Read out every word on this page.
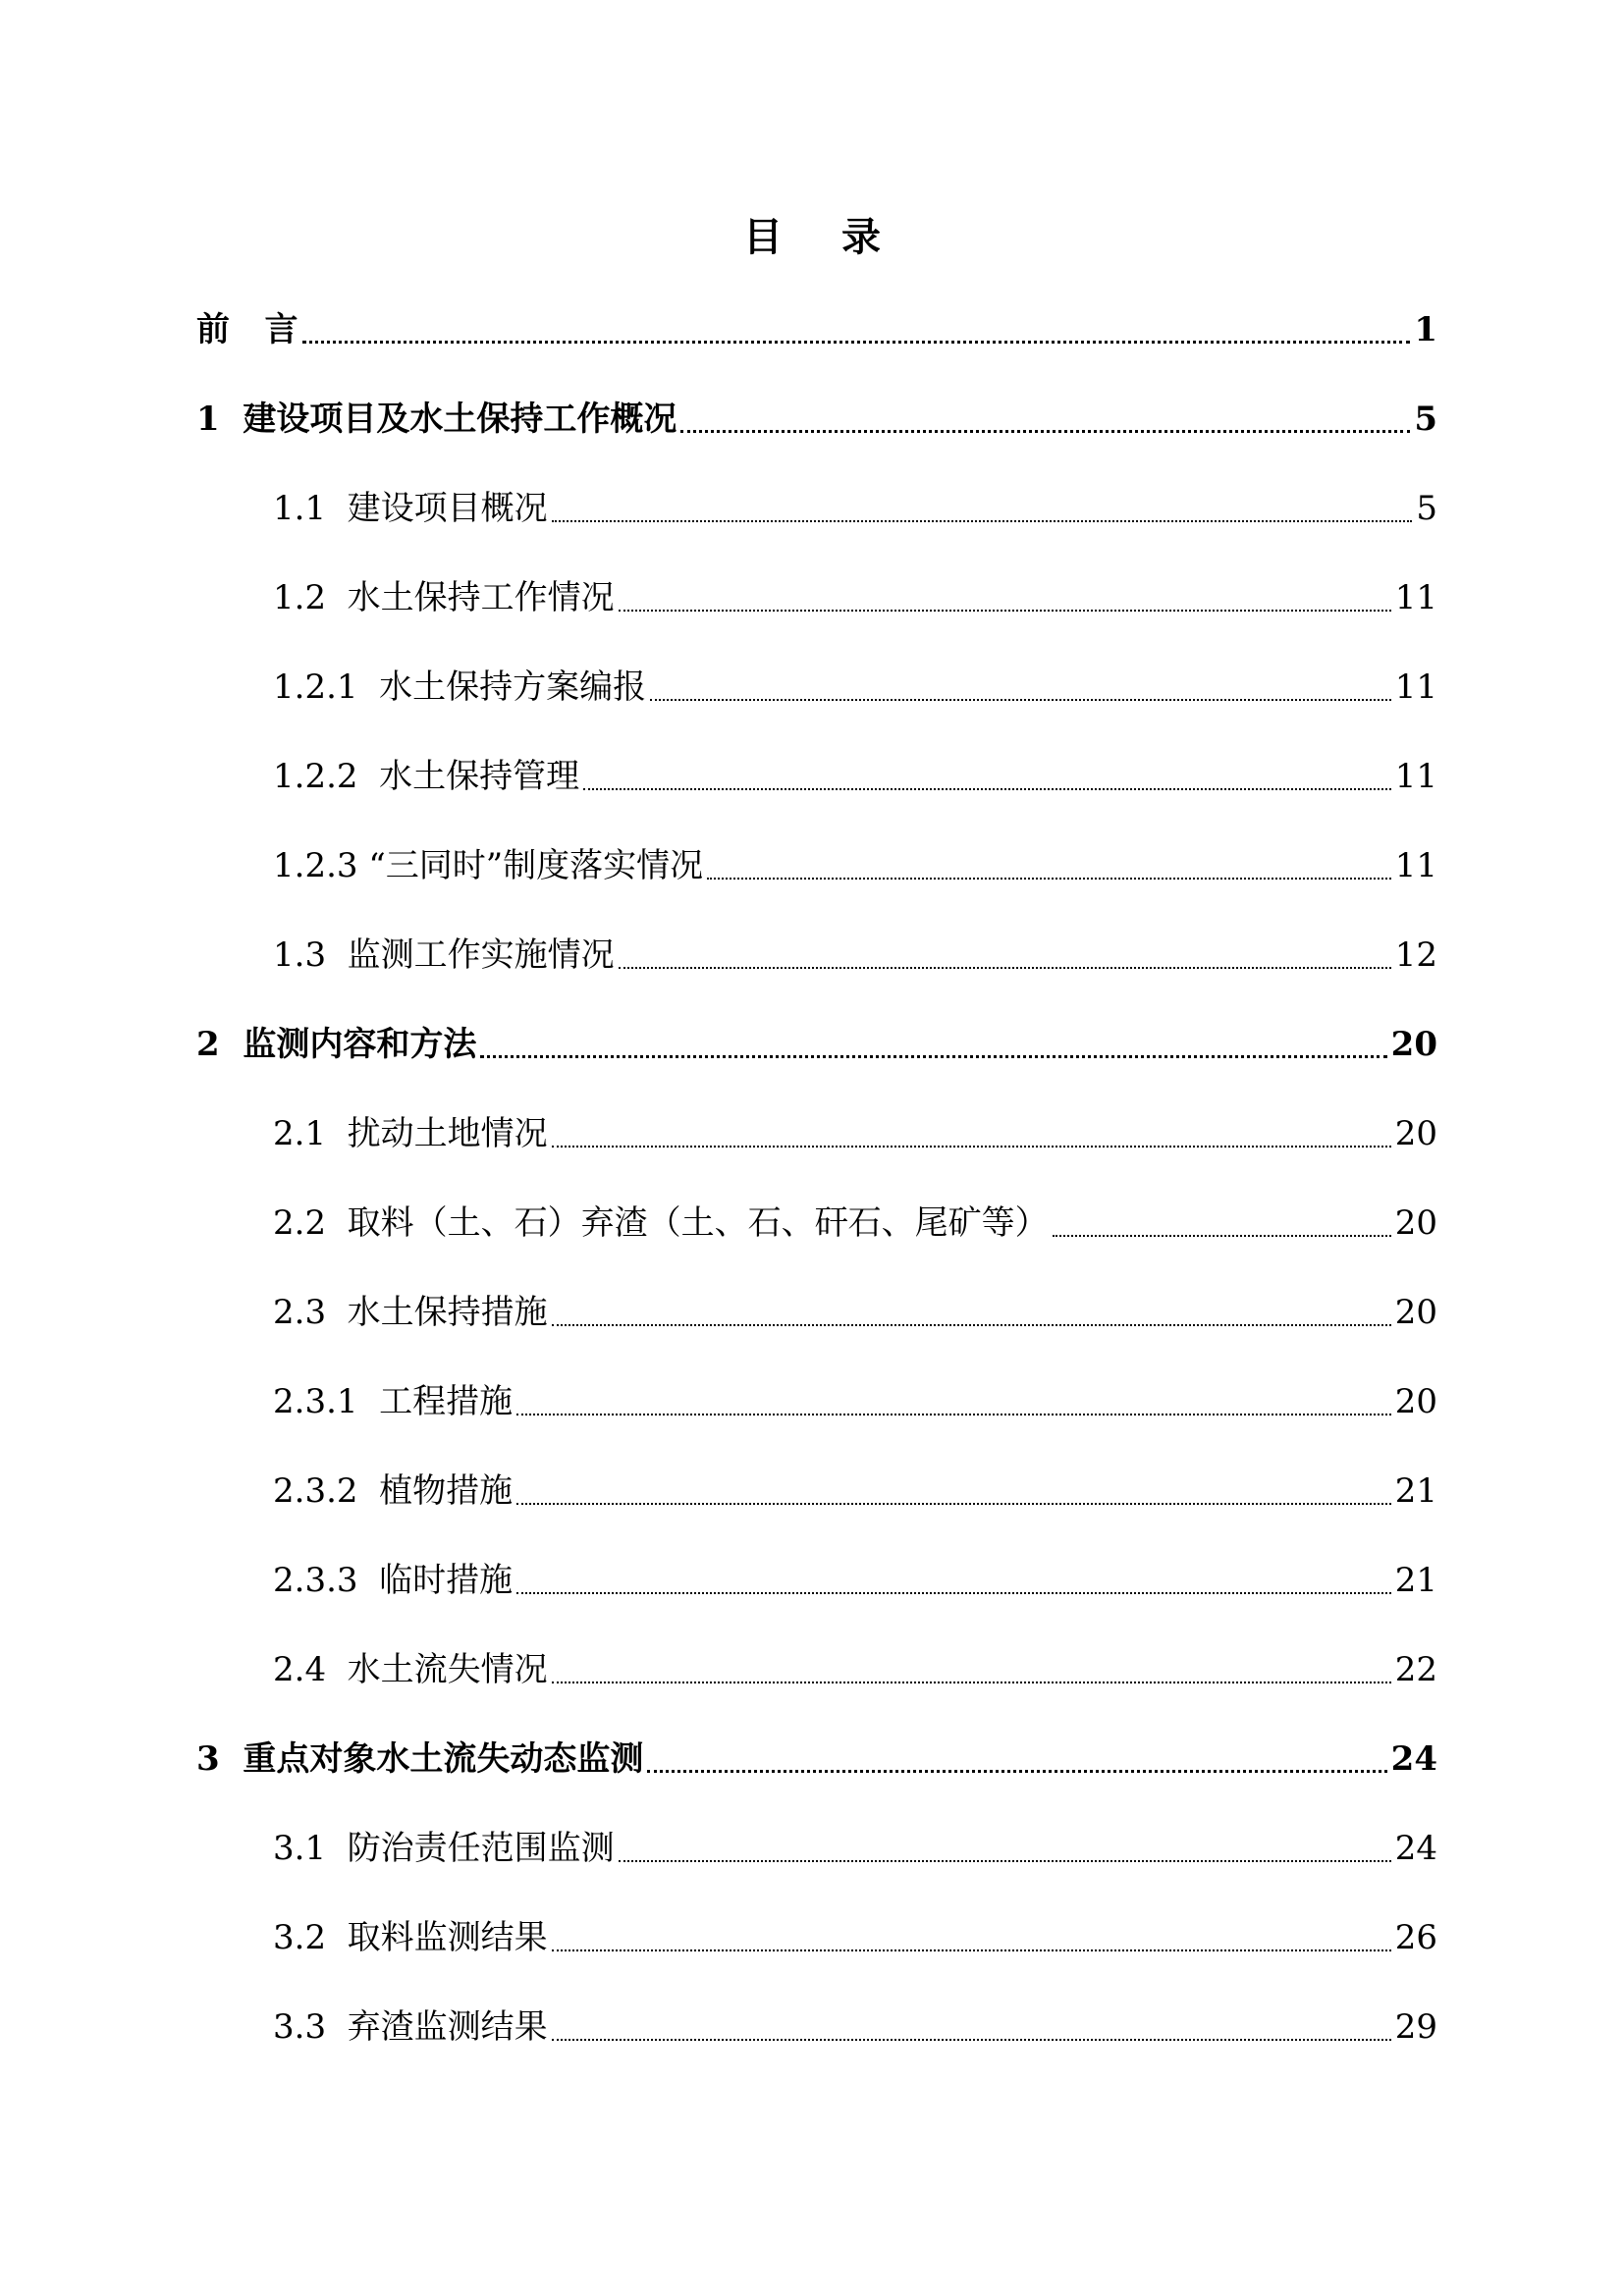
目 录
前   言	1
1  建设项目及水土保持工作概况	5
1.1  建设项目概况	5
1.2  水土保持工作情况	11
1.2.1  水土保持方案编报	11
1.2.2  水土保持管理	11
1.2.3 “三同时”制度落实情况	11
1.3  监测工作实施情况	12
2  监测内容和方法	20
2.1  扰动土地情况	20
2.2  取料（土、石）弃渣（土、石、矸石、尾矿等）	20
2.3  水土保持措施	20
2.3.1  工程措施	20
2.3.2  植物措施	21
2.3.3  临时措施	21
2.4  水土流失情况	22
3  重点对象水土流失动态监测	24
3.1  防治责任范围监测	24
3.2  取料监测结果	26
3.3  弃渣监测结果	29
